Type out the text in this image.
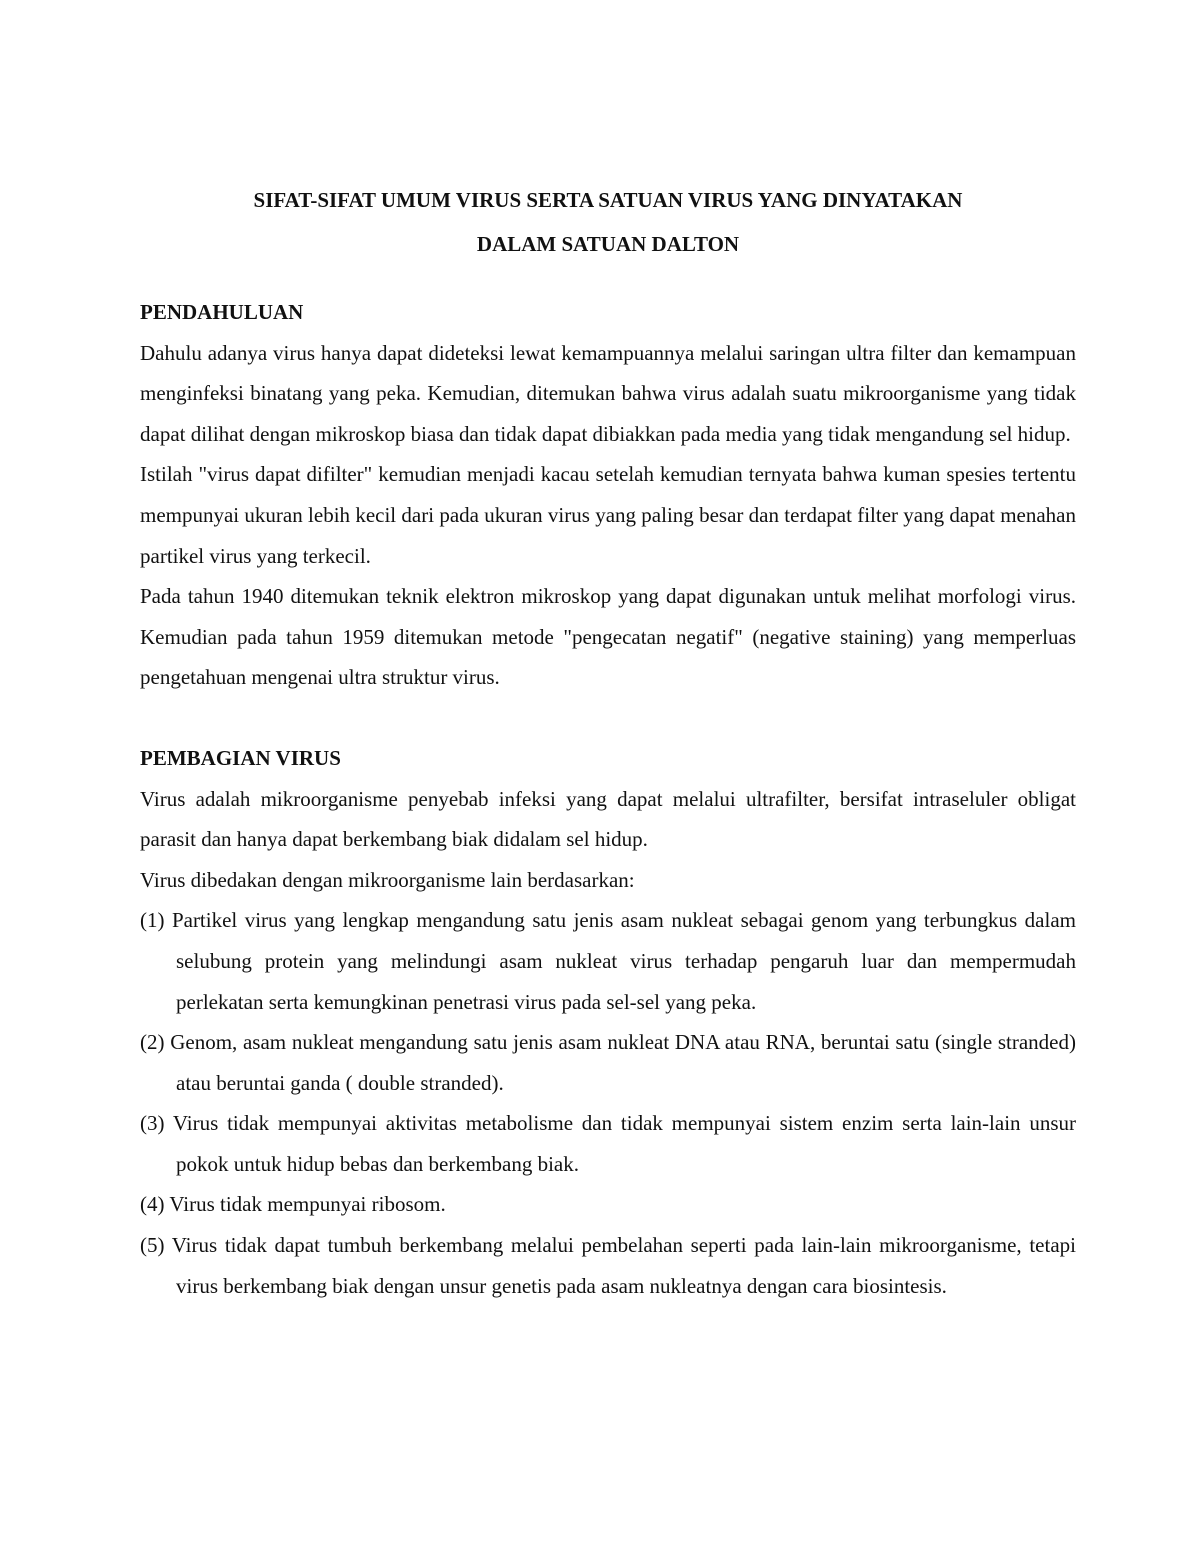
SIFAT-SIFAT UMUM VIRUS SERTA SATUAN VIRUS YANG DINYATAKAN
DALAM SATUAN DALTON
PENDAHULUAN

Dahulu adanya virus hanya dapat dideteksi lewat kemampuannya melalui saringan ultra filter dan kemampuan menginfeksi binatang yang peka. Kemudian, ditemukan bahwa virus adalah suatu mikroorganisme yang tidak dapat dilihat dengan mikroskop biasa dan tidak dapat dibiakkan pada media yang tidak mengandung sel hidup.

Istilah "virus dapat difilter" kemudian menjadi kacau setelah kemudian ternyata bahwa kuman spesies tertentu mempunyai ukuran lebih kecil dari pada ukuran virus yang paling besar dan terdapat filter yang dapat menahan partikel virus yang terkecil.

Pada tahun 1940 ditemukan teknik elektron mikroskop yang dapat digunakan untuk melihat morfologi virus. Kemudian pada tahun 1959 ditemukan metode "pengecatan negatif" (negative staining) yang memperluas pengetahuan mengenai ultra struktur virus.

PEMBAGIAN VIRUS

Virus adalah mikroorganisme penyebab infeksi yang dapat melalui ultrafilter, bersifat intraseluler obligat parasit dan hanya dapat berkembang biak didalam sel hidup.

Virus dibedakan dengan mikroorganisme lain berdasarkan:

(1) Partikel virus yang lengkap mengandung satu jenis asam nukleat sebagai genom yang terbungkus dalam selubung protein yang melindungi asam nukleat virus terhadap pengaruh luar dan mempermudah perlekatan serta kemungkinan penetrasi virus pada sel-sel yang peka.
(2) Genom, asam nukleat mengandung satu jenis asam nukleat DNA atau RNA, beruntai satu (single stranded) atau beruntai ganda ( double stranded).
(3) Virus tidak mempunyai aktivitas metabolisme dan tidak mempunyai sistem enzim serta lain-lain unsur pokok untuk hidup bebas dan berkembang biak.
(4) Virus tidak mempunyai ribosom.
(5) Virus tidak dapat tumbuh berkembang melalui pembelahan seperti pada lain-lain mikroorganisme, tetapi virus berkembang biak dengan unsur genetis pada asam nukleatnya dengan cara biosintesis.
